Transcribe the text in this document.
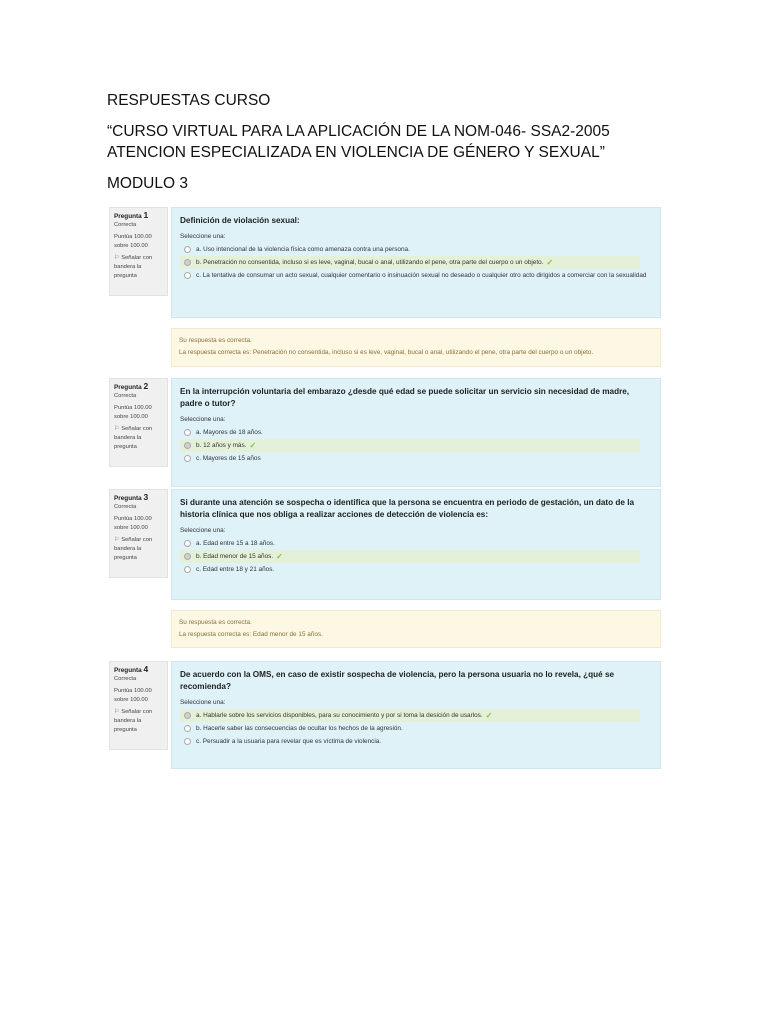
RESPUESTAS CURSO

“CURSO VIRTUAL PARA LA APLICACIÓN DE LA NOM-046- SSA2-2005
ATENCION ESPECIALIZADA EN VIOLENCIA DE GÉNERO Y SEXUAL”

MODULO 3

Pregunta 1
Correcta
Puntúa 100.00 sobre 100.00
⚐ Señalar con bandera la pregunta

Definición de violación sexual:

Seleccione una:

a. Uso intencional de la violencia física como amenaza contra una persona.
b. Penetración no consentida, incluso si es leve, vaginal, bucal o anal, utilizando el pene, otra parte del cuerpo o un objeto. ✓
c. La tentativa de consumar un acto sexual, cualquier comentario o insinuación sexual no deseado o cualquier otro acto dirigidos a comerciar con la sexualidad
Su respuesta es correcta.
La respuesta correcta es: Penetración no consentida, incluso si es leve, vaginal, bucal o anal, utilizando el pene, otra parte del cuerpo o un objeto.
Pregunta 2
Correcta
Puntúa 100.00 sobre 100.00
⚐ Señalar con bandera la pregunta

En la interrupción voluntaria del embarazo ¿desde qué edad se puede solicitar un servicio sin necesidad de madre, padre o tutor?

Seleccione una:

a. Mayores de 18 años.
b. 12 años y más. ✓
c. Mayores de 15 años
Pregunta 3
Correcta
Puntúa 100.00 sobre 100.00
⚐ Señalar con bandera la pregunta

Si durante una atención se sospecha o identifica que la persona se encuentra en periodo de gestación, un dato de la historia clínica que nos obliga a realizar acciones de detección de violencia es:

Seleccione una:

a. Edad entre 15 a 18 años.
b. Edad menor de 15 años. ✓
c. Edad entre 18 y 21 años.
Su respuesta es correcta.
La respuesta correcta es: Edad menor de 15 años.
Pregunta 4
Correcta
Puntúa 100.00 sobre 100.00
⚐ Señalar con bandera la pregunta

De acuerdo con la OMS, en caso de existir sospecha de violencia, pero la persona usuaria no lo revela, ¿qué se recomienda?

Seleccione una:

a. Hablarle sobre los servicios disponibles, para su conocimiento y por si toma la desición de usarlos. ✓
b. Hacerle saber las consecuencias de ocultar los hechos de la agresión.
c. Persuadir a la usuaria para revelar que es víctima de violencia.
